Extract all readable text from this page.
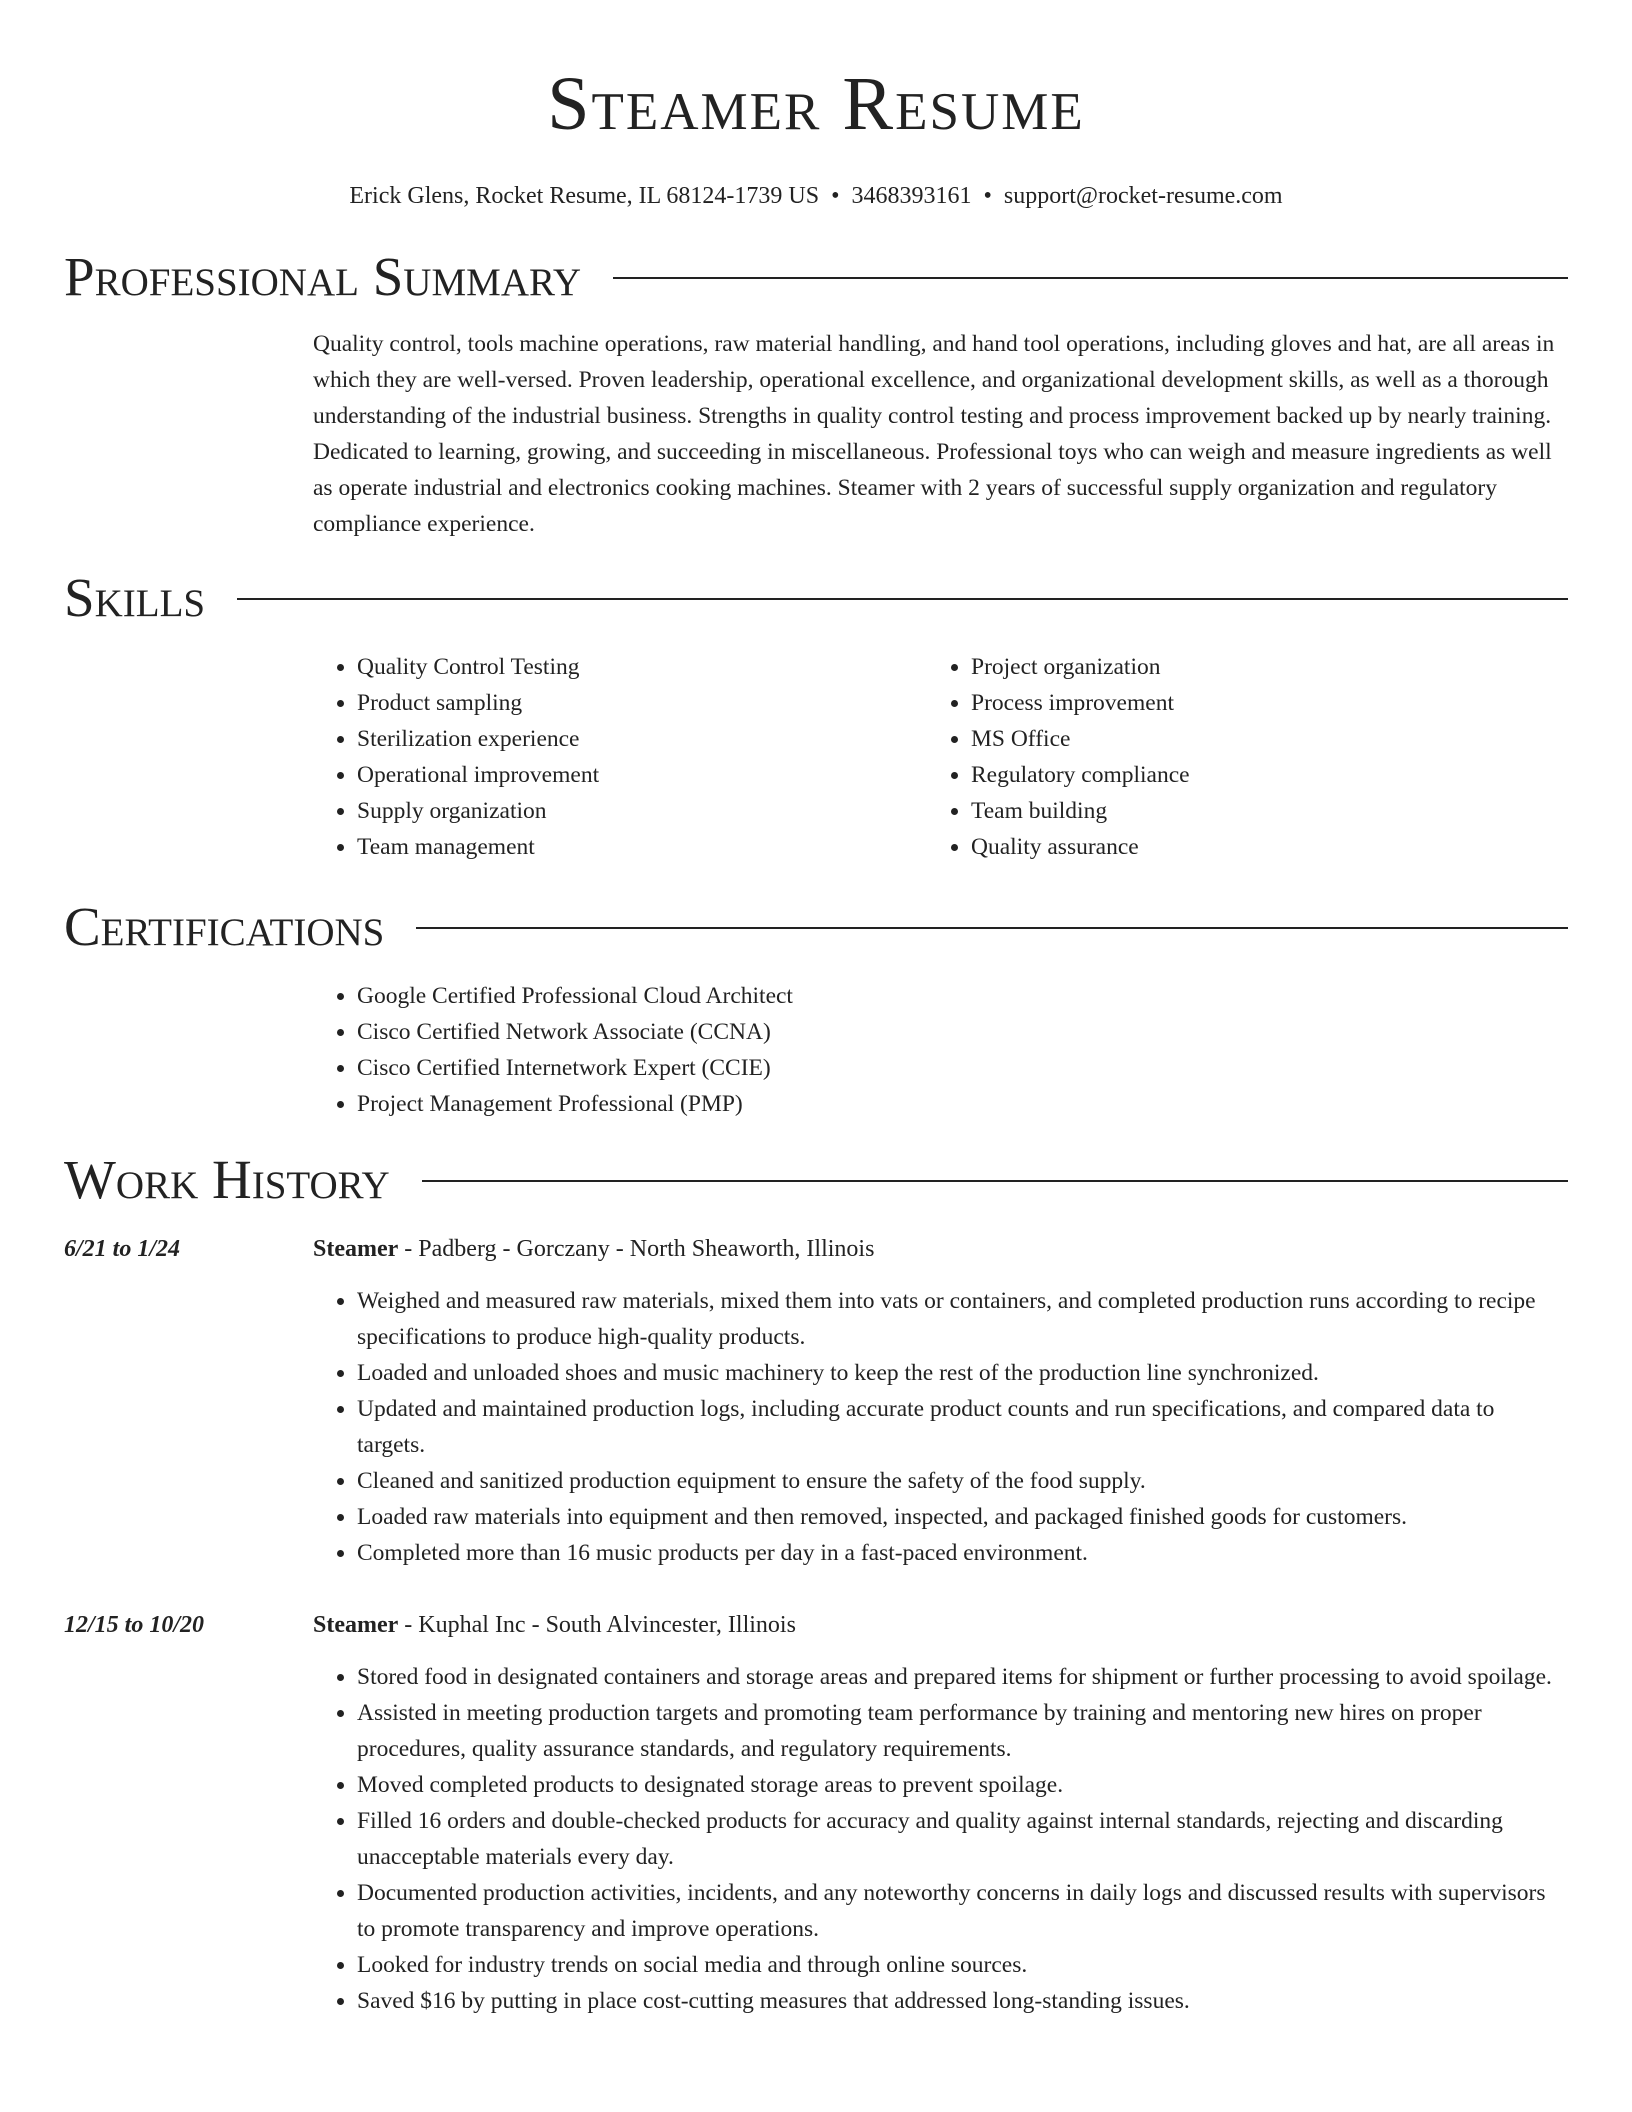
Steamer Resume
Erick Glens, Rocket Resume, IL 68124-1739 US • 3468393161 • support@rocket-resume.com
Professional Summary
Quality control, tools machine operations, raw material handling, and hand tool operations, including gloves and hat, are all areas in which they are well-versed. Proven leadership, operational excellence, and organizational development skills, as well as a thorough understanding of the industrial business. Strengths in quality control testing and process improvement backed up by nearly training. Dedicated to learning, growing, and succeeding in miscellaneous. Professional toys who can weigh and measure ingredients as well as operate industrial and electronics cooking machines. Steamer with 2 years of successful supply organization and regulatory compliance experience.
Skills
• Quality Control Testing
• Product sampling
• Sterilization experience
• Operational improvement
• Supply organization
• Team management
• Project organization
• Process improvement
• MS Office
• Regulatory compliance
• Team building
• Quality assurance
Certifications
• Google Certified Professional Cloud Architect
• Cisco Certified Network Associate (CCNA)
• Cisco Certified Internetwork Expert (CCIE)
• Project Management Professional (PMP)
Work History
6/21 to 1/24	Steamer - Padberg - Gorczany - North Sheaworth, Illinois
• Weighed and measured raw materials, mixed them into vats or containers, and completed production runs according to recipe specifications to produce high-quality products.
• Loaded and unloaded shoes and music machinery to keep the rest of the production line synchronized.
• Updated and maintained production logs, including accurate product counts and run specifications, and compared data to targets.
• Cleaned and sanitized production equipment to ensure the safety of the food supply.
• Loaded raw materials into equipment and then removed, inspected, and packaged finished goods for customers.
• Completed more than 16 music products per day in a fast-paced environment.
12/15 to 10/20	Steamer - Kuphal Inc - South Alvincester, Illinois
• Stored food in designated containers and storage areas and prepared items for shipment or further processing to avoid spoilage.
• Assisted in meeting production targets and promoting team performance by training and mentoring new hires on proper procedures, quality assurance standards, and regulatory requirements.
• Moved completed products to designated storage areas to prevent spoilage.
• Filled 16 orders and double-checked products for accuracy and quality against internal standards, rejecting and discarding unacceptable materials every day.
• Documented production activities, incidents, and any noteworthy concerns in daily logs and discussed results with supervisors to promote transparency and improve operations.
• Looked for industry trends on social media and through online sources.
• Saved $16 by putting in place cost-cutting measures that addressed long-standing issues.
